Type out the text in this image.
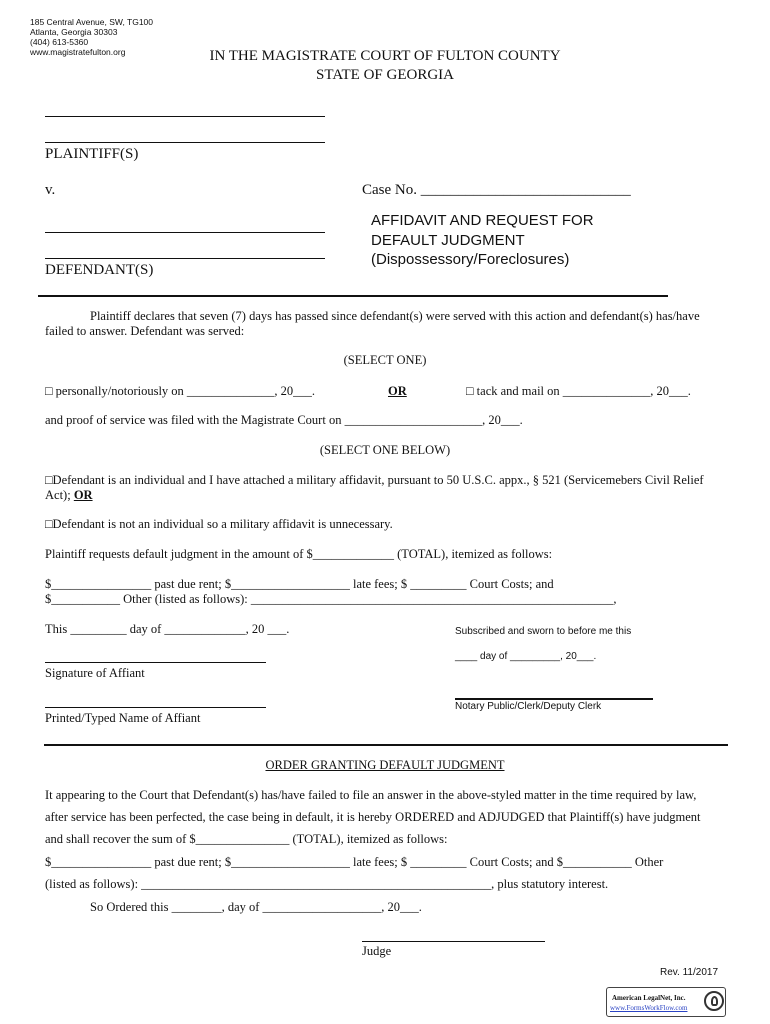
185 Central Avenue, SW, TG100
Atlanta, Georgia 30303
(404) 613-5360
www.magistratefulton.org	IN THE MAGISTRATE COURT OF FULTON COUNTY
STATE OF GEORGIA
PLAINTIFF(S)
v.	Case No. ____________________________
DEFENDANT(S)
AFFIDAVIT AND REQUEST FOR
DEFAULT JUDGMENT
(Dispossessory/Foreclosures)
Plaintiff declares that seven (7) days has passed since defendant(s) were served with this action and defendant(s) has/have
failed to answer. Defendant was served:
(SELECT ONE)
□ personally/notoriously on ______________, 20___.	OR	□ tack and mail on ______________, 20___.
and proof of service was filed with the Magistrate Court on ______________________, 20___.
(SELECT ONE BELOW)
□Defendant is an individual and I have attached a military affidavit, pursuant to 50 U.S.C. appx., § 521 (Servicemebers Civil Relief
Act); OR
□Defendant is not an individual so a military affidavit is unnecessary.
Plaintiff requests default judgment in the amount of $_____________ (TOTAL), itemized as follows:
$________________ past due rent; $___________________ late fees; $ _________ Court Costs; and
$___________ Other (listed as follows): __________________________________________________________,
This _________ day of _____________, 20 ___.	Subscribed and sworn to before me this
____ day of _________, 20___.
Signature of Affiant
Notary Public/Clerk/Deputy Clerk
Printed/Typed Name of Affiant
ORDER GRANTING DEFAULT JUDGMENT
It appearing to the Court that Defendant(s) has/have failed to file an answer in the above-styled matter in the time required by law,
after service has been perfected, the case being in default, it is hereby ORDERED and ADJUDGED that Plaintiff(s) have judgment
and shall recover the sum of $_______________ (TOTAL), itemized as follows:
$________________ past due rent; $___________________ late fees; $ _________ Court Costs; and $___________ Other
(listed as follows): ________________________________________________________, plus statutory interest.
So Ordered this ________, day of ___________________, 20___.
Judge
Rev. 11/2017
American LegalNet, Inc.
www.FormsWorkFlow.com
